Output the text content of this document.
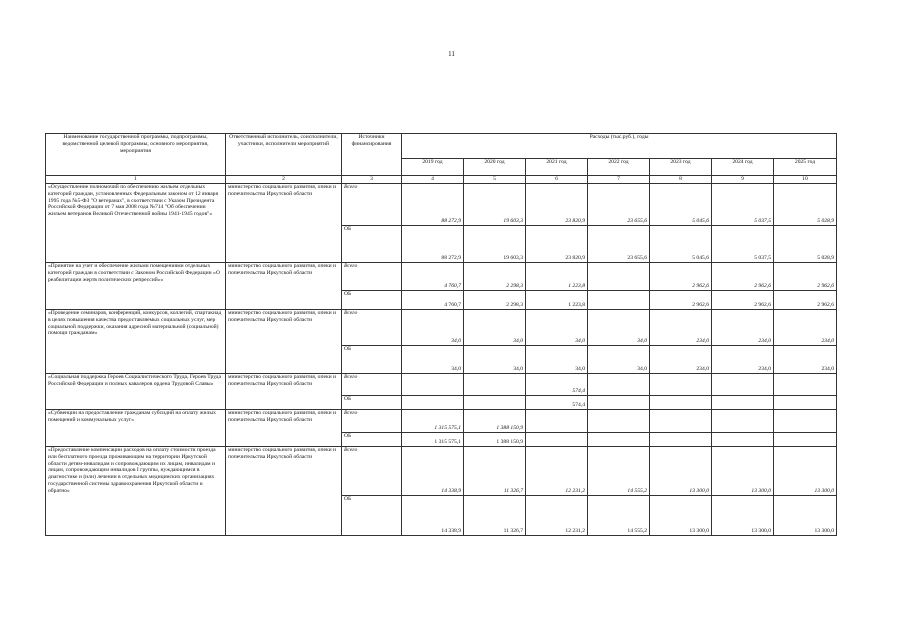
11
Наименование государственной программы, подпрограммы, ведомственной целевой программы, основного мероприятия, мероприятия	Ответственный исполнитель, соисполнители, участники, исполнители мероприятий	Источники финансирования	Расходы (тыс.руб.), годы						
			2019 год	2020 год	2021 год	2022 год	2023 год	2024 год	2025 год
1	2	3	4	5	6	7	8	9	10
«Осуществление полномочий по обеспечению жильем отдельных категорий граждан, установленных Федеральным законом от 12 января 1995 года №5-ФЗ "О ветеранах", в соответствии с Указом Президента Российской Федерации от 7 мая 2008 года №714 "Об обеспечении жильем ветеранов Великой Отечественной войны 1941-1945 годов"»	министерство социального развития, опеки и попечительства Иркутской области	Всего	88 272,9	19 603,3	23 820,9	23 655,6	5 045,6	5 037,5	5 028,9
		ОБ	88 272,9	19 603,3	23 820,9	23 655,6	5 045,6	5 037,5	5 028,9
«Принятие на учет и обеспечение жильми помещениями отдельных категорий граждан в соответствии с Законом Российской Федерации «О реабилитации жертв политических репрессий»»	министерство социального развития, опеки и попечительства Иркутской области	Всего	4 760,7	2 298,3	1 223,8		2 962,6	2 962,6	2 962,6
		ОБ	4 760,7	2 298,3	1 223,8		2 962,6	2 962,6	2 962,6
«Проведение семинаров, конференций, конкурсов, коллегий, спартакиад в целях повышения качества предоставляемых социальных услуг, мер социальной поддержки, оказания адресной материальной (социальной) помощи гражданам»	министерство социального развития, опеки и попечительства Иркутской области	Всего	34,0	34,0	34,0	34,0	234,0	234,0	234,0
		ОБ	34,0	34,0	34,0	34,0	234,0	234,0	234,0
«Социальная поддержка Героев Социалистического Труда, Героев Труда Российской Федерации и полных кавалеров ордена Трудовой Славы»	министерство социального развития, опеки и попечительства Иркутской области	Всего			574,4				
		ОБ			574,4				
«Субвенции на предоставление гражданам субсидий на оплату жилых помещений и коммунальных услуг»	министерство социального развития, опеки и попечительства Иркутской области	Всего	1 315 575,1	1 388 150,9					
		ОБ	1 315 575,1	1 388 150,9					
«Предоставление компенсации расходов на оплату стоимости проезда или бесплатного проезда проживающим на территории Иркутской области детям-инвалидам и сопровождающим их лицам, инвалидам и лицам, сопровождающим инвалидов I группы, нуждающимся в диагностике и (или) лечении в отдельных медицинских организациях государственной системы здравоохранения Иркутской области и обратно»	министерство социального развития, опеки и попечительства Иркутской области	Всего	14 338,9	11 326,7	12 231,2	14 555,2	13 300,0	13 300,0	13 300,0
		ОБ	14 338,9	11 326,7	12 231,2	14 555,2	13 300,0	13 300,0	13 300,0
